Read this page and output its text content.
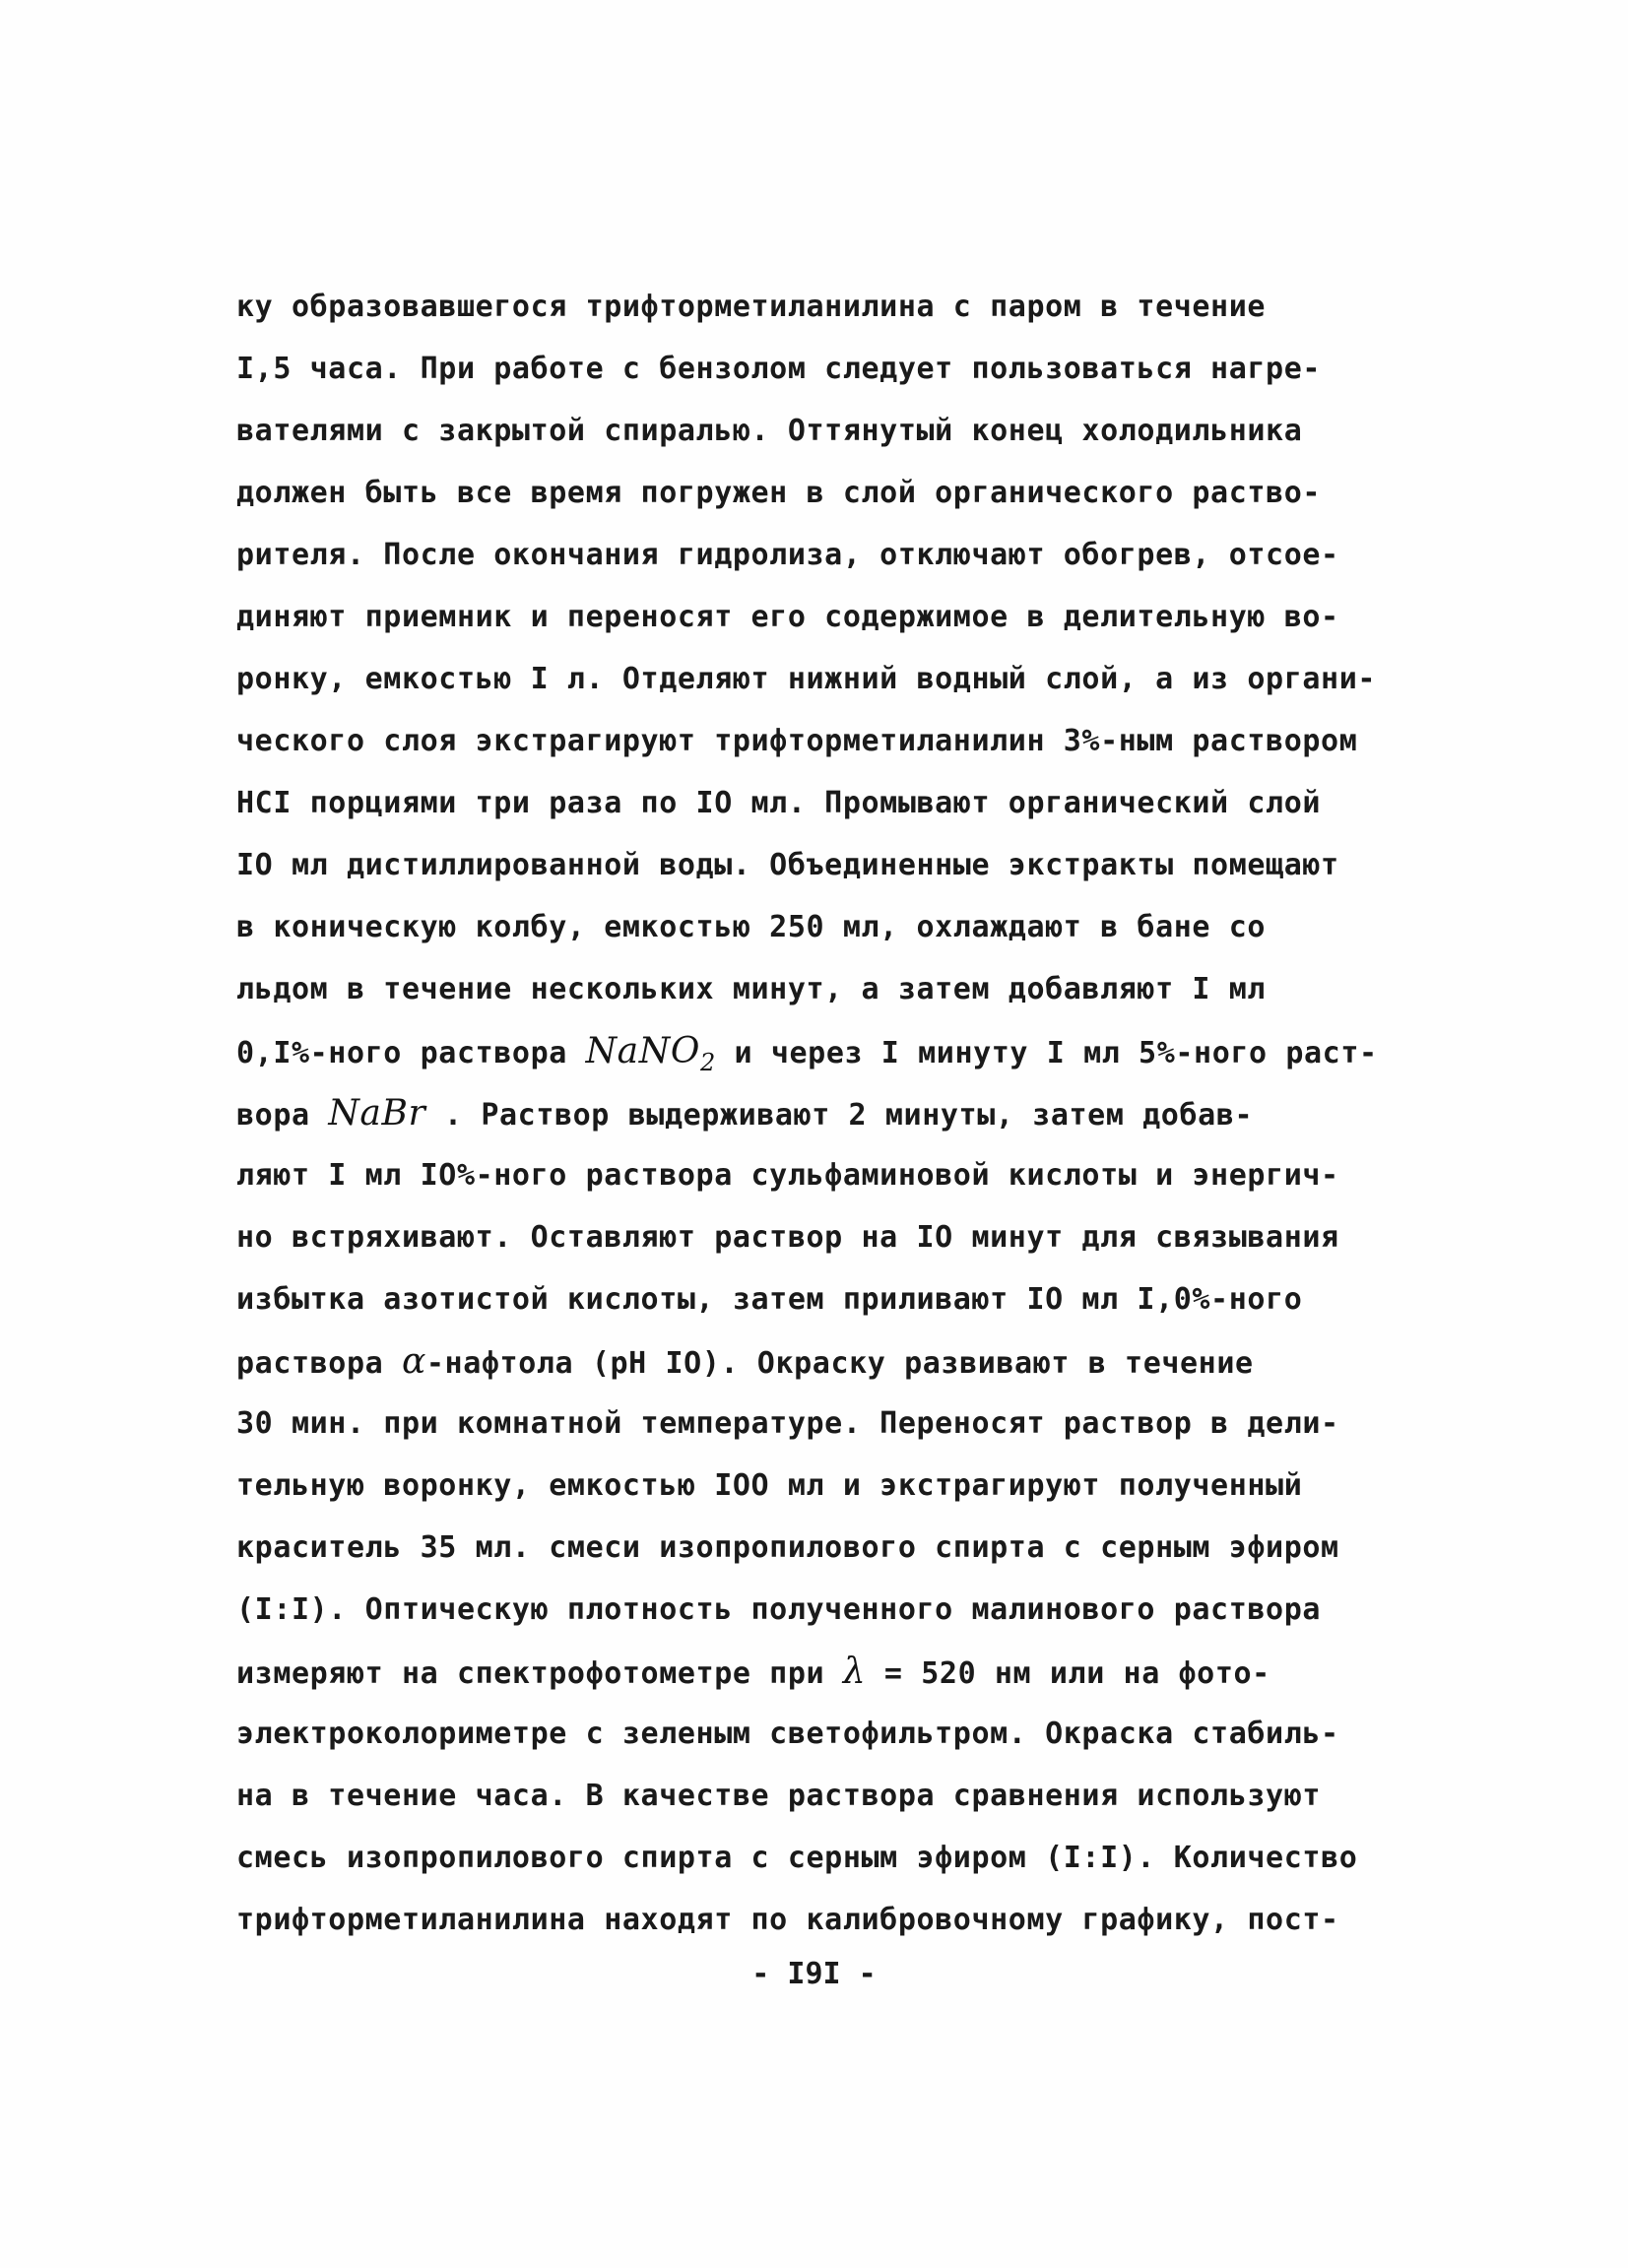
ку образовавшегося трифторметиланилина с паром в течение
I,5 часа. При работе с бензолом следует пользоваться нагре-
вателями с закрытой спиралью. Оттянутый конец холодильника
должен быть все время погружен в слой органического раство-
рителя. После окончания гидролиза, отключают обогрев, отсое-
диняют приемник и переносят его содержимое в делительную во-
ронку, емкостью I л. Отделяют нижний водный слой, а из органи-
ческого слоя экстрагируют трифторметиланилин 3%-ным раствором
HCI порциями три раза по IO мл. Промывают органический слой
IO мл дистиллированной воды. Объединенные экстракты помещают
в коническую колбу, емкостью 250 мл, охлаждают в бане со
льдом в течение нескольких минут, а затем добавляют I мл
0,I%-ного раствора NaNO$_2$ и через I минуту I мл 5%-ного раст-
вора NaBr . Раствор выдерживают 2 минуты, затем добав-
ляют I мл IO%-ного раствора сульфаминовой кислоты и энергич-
но встряхивают. Оставляют раствор на IO минут для связывания
избытка азотистой кислоты, затем приливают IO мл I,0%-ного
раствора α-нафтола (pH IO). Окраску развивают в течение
30 мин. при комнатной температуре. Переносят раствор в дели-
тельную воронку, емкостью IOO мл и экстрагируют полученный
краситель 35 мл. смеси изопропилового спирта с серным эфиром
(I:I). Оптическую плотность полученного малинового раствора
измеряют на спектрофотометре при λ = 520 нм или на фото-
электроколориметре с зеленым светофильтром. Окраска стабиль-
на в течение часа. В качестве раствора сравнения используют
смесь изопропилового спирта с серным эфиром (I:I). Количество
трифторметиланилина находят по калибровочному графику, пост-
- I9I -
